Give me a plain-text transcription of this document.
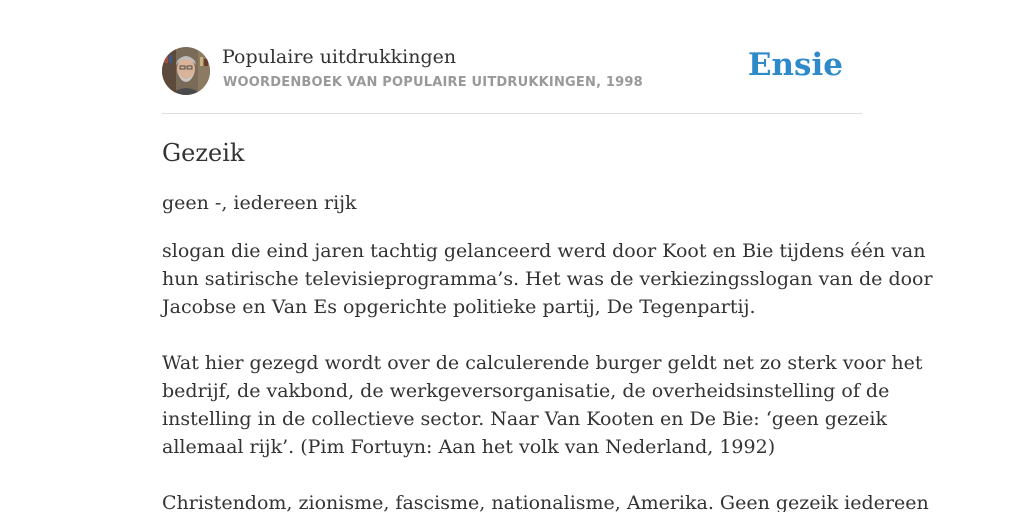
Populaire uitdrukkingen
WOORDENBOEK VAN POPULAIRE UITDRUKKINGEN, 1998	Ensie
Gezeik
geen -, iedereen rijk

slogan die eind jaren tachtig gelanceerd werd door Koot en Bie tijdens één van
hun satirische televisieprogramma’s. Het was de verkiezingsslogan van de door
Jacobse en Van Es opgerichte politieke partij, De Tegenpartij.

Wat hier gezegd wordt over de calculerende burger geldt net zo sterk voor het
bedrijf, de vakbond, de werkgeversorganisatie, de overheidsinstelling of de
instelling in de collectieve sector. Naar Van Kooten en De Bie: ‘geen gezeik
allemaal rijk’. (Pim Fortuyn: Aan het volk van Nederland, 1992)

Christendom, zionisme, fascisme, nationalisme, Amerika. Geen gezeik iedereen
